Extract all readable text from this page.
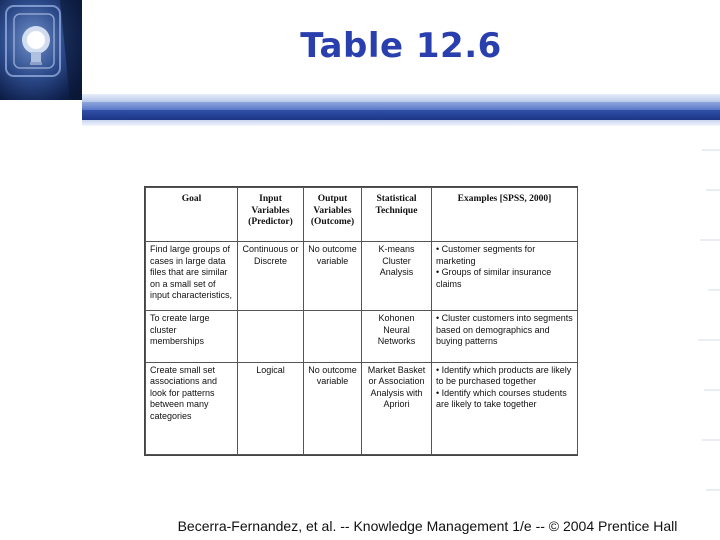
Table 12.6
Goal	Input Variables (Predictor)	Output Variables (Outcome)	Statistical Technique	Examples [SPSS, 2000]
Find large groups of cases in large data files that are similar on a small set of input characteristics,	Continuous or Discrete	No outcome variable	K-means Cluster Analysis	• Customer segments for marketing
• Groups of similar insurance claims

To create large cluster memberships			Kohonen Neural Networks	• Cluster customers into segments based on demographics and buying patterns

Create small set associations and look for patterns between many categories	Logical	No outcome variable	Market Basket or Association Analysis with Apriori	• Identify which products are likely to be purchased together
• Identify which courses students are likely to take together
Becerra-Fernandez, et al. -- Knowledge Management 1/e -- © 2004 Prentice Hall
